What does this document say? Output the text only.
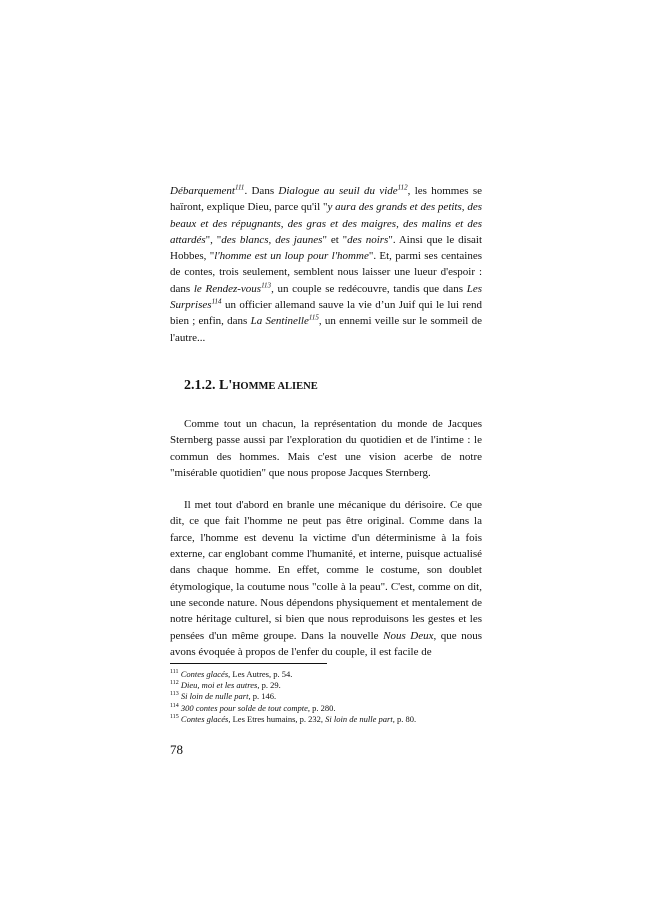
Débarquement$^{111}$. Dans Dialogue au seuil du vide$^{112}$, les hommes se haïront, explique Dieu, parce qu'il "y aura des grands et des petits, des beaux et des répugnants, des gras et des maigres, des malins et des attardés", "des blancs, des jaunes" et "des noirs". Ainsi que le disait Hobbes, "l'homme est un loup pour l'homme". Et, parmi ses centaines de contes, trois seulement, semblent nous laisser une lueur d'espoir : dans le Rendez-vous$^{113}$, un couple se redécouvre, tandis que dans Les Surprises$^{114}$ un officier allemand sauve la vie d’un Juif qui le lui rend bien ; enfin, dans La Sentinelle$^{115}$, un ennemi veille sur le sommeil de l'autre...

2.1.2. L'HOMME ALIENE

Comme tout un chacun, la représentation du monde de Jacques Sternberg passe aussi par l'exploration du quotidien et de l'intime : le commun des hommes. Mais c'est une vision acerbe de notre "misérable quotidien" que nous propose Jacques Sternberg.

Il met tout d'abord en branle une mécanique du dérisoire. Ce que dit, ce que fait l'homme ne peut pas être original. Comme dans la farce, l'homme est devenu la victime d'un déterminisme à la fois externe, car englobant comme l'humanité, et interne, puisque actualisé dans chaque homme. En effet, comme le costume, son doublet étymologique, la coutume nous "colle à la peau". C'est, comme on dit, une seconde nature. Nous dépendons physiquement et mentalement de notre héritage culturel, si bien que nous reproduisons les gestes et les pensées d'un même groupe. Dans la nouvelle Nous Deux, que nous avons évoquée à propos de l'enfer du couple, il est facile de

$^{111}$ Contes glacés, Les Autres, p. 54.
$^{112}$ Dieu, moi et les autres, p. 29.
$^{113}$ Si loin de nulle part, p. 146.
$^{114}$ 300 contes pour solde de tout compte, p. 280.
$^{115}$ Contes glacés, Les Etres humains, p. 232, Si loin de nulle part, p. 80.
78
